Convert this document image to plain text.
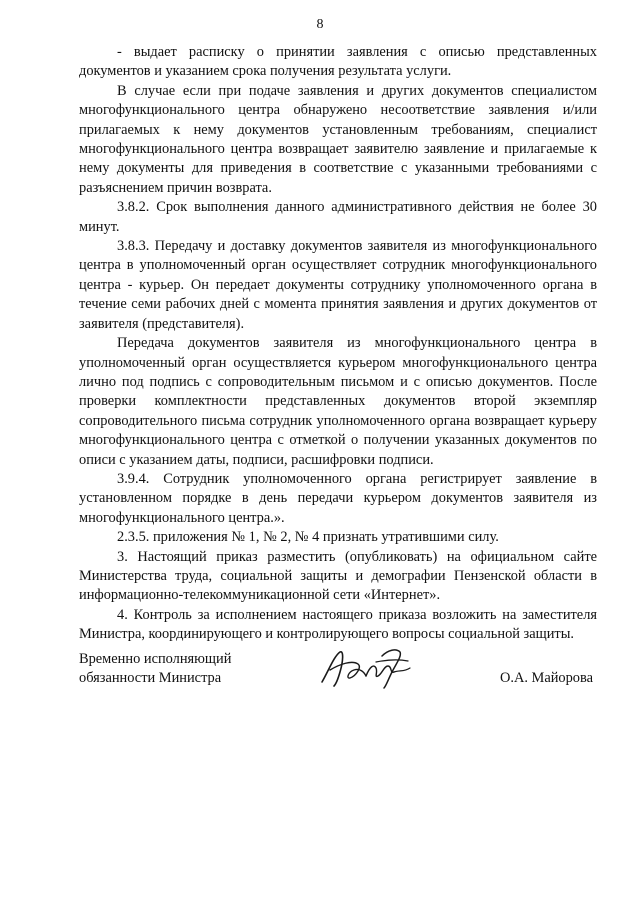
8

- выдает расписку о принятии заявления с описью представленных документов и указанием срока получения результата услуги.

В случае если при подаче заявления и других документов специалистом многофункционального центра обнаружено несоответствие заявления и/или прилагаемых к нему документов установленным требованиям, специалист многофункционального центра возвращает заявителю заявление и прилагаемые к нему документы для приведения в соответствие с указанными требованиями с разъяснением причин возврата.

3.8.2. Срок выполнения данного административного действия не более 30 минут.

3.8.3. Передачу и доставку документов заявителя из многофункционального центра в уполномоченный орган осуществляет сотрудник многофункционального центра - курьер. Он передает документы сотруднику уполномоченного органа в течение семи рабочих дней с момента принятия заявления и других документов от заявителя (представителя).

Передача документов заявителя из многофункционального центра в уполномоченный орган осуществляется курьером многофункционального центра лично под подпись с сопроводительным письмом и с описью документов. После проверки комплектности представленных документов второй экземпляр сопроводительного письма сотрудник уполномоченного органа возвращает курьеру многофункционального центра с отметкой о получении указанных документов по описи с указанием даты, подписи, расшифровки подписи.

3.9.4. Сотрудник уполномоченного органа регистрирует заявление в установленном порядке в день передачи курьером документов заявителя из многофункционального центра.».

2.3.5. приложения № 1, № 2, № 4 признать утратившими силу.

3. Настоящий приказ разместить (опубликовать) на официальном сайте Министерства труда, социальной защиты и демографии Пензенской области в информационно-телекоммуникационной сети «Интернет».

4. Контроль за исполнением настоящего приказа возложить на заместителя Министра, координирующего и контролирующего вопросы социальной защиты.

Временно исполняющий
обязанности Министра	О.А. Майорова
